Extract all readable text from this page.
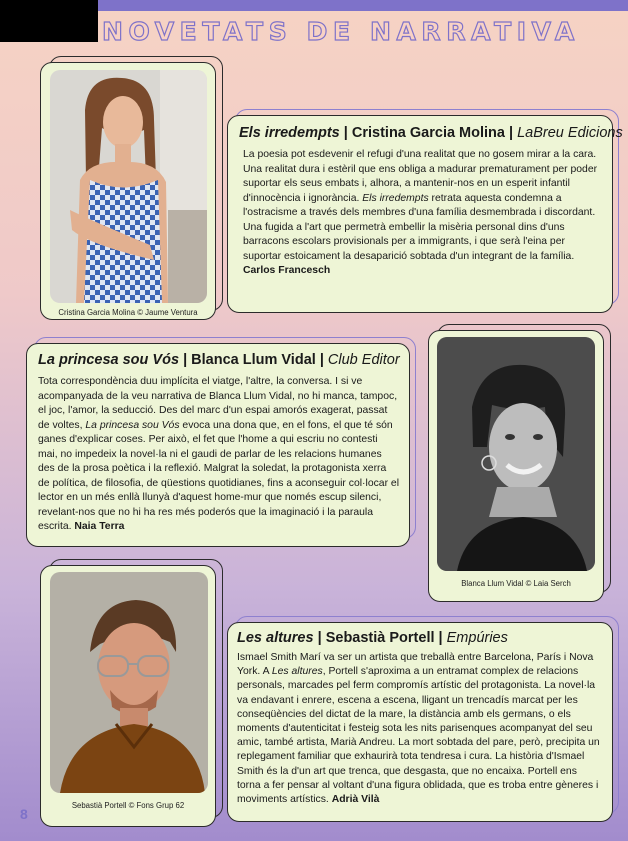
NOVETATS DE NARRATIVA
Cristina Garcia Molina © Jaume Ventura
Els irredempts | Cristina Garcia Molina | LaBreu Edicions

La poesia pot esdevenir el refugi d'una realitat que no gosem mirar a la cara. Una realitat dura i estèril que ens obliga a madurar prematurament per poder suportar els seus embats i, alhora, a mantenir-nos en un esperit infantil d'innocència i ignorància. Els irredempts retrata aquesta condemna a l'ostracisme a través dels membres d'una família desmembrada i discordant. Una fugida a l'art que permetrà embellir la misèria personal dins d'uns barracons escolars provisionals per a immigrants, i que serà l'eina per suportar estoicament la desaparició sobtada d'un integrant de la família.
Carlos Francesch

La princesa sou Vós | Blanca Llum Vidal | Club Editor

Tota correspondència duu implícita el viatge, l'altre, la conversa. I si ve acompanyada de la veu narrativa de Blanca Llum Vidal, no hi manca, tampoc, el joc, l'amor, la seducció. Des del marc d'un espai amorós exagerat, passat de voltes, La princesa sou Vós evoca una dona que, en el fons, el que té són ganes d'explicar coses. Per això, el fet que l'home a qui escriu no contesti mai, no impedeix la novel·la ni el gaudi de parlar de les relacions humanes des de la prosa poètica i la reflexió. Malgrat la soledat, la protagonista xerra de política, de filosofia, de qüestions quotidianes, fins a aconseguir col·locar el lector en un més enllà llunyà d'aquest home-mur que només escup silenci, revelant-nos que no hi ha res més poderós que la imaginació i la paraula escrita. Naia Terra

Blanca Llum Vidal © Laia Serch
Sebastià Portell © Fons Grup 62
Les altures | Sebastià Portell | Empúries

Ismael Smith Marí va ser un artista que treballà entre Barcelona, París i Nova York. A Les altures, Portell s'aproxima a un entramat complex de relacions personals, marcades pel ferm compromís artístic del protagonista. La novel·la va endavant i enrere, escena a escena, lligant un trencadís marcat per les conseqüències del dictat de la mare, la distància amb els germans, o els moments d'autenticitat i festeig sota les nits parisenques acompanyat del seu amic, també artista, Marià Andreu. La mort sobtada del pare, però, precipita un replegament familiar que exhaurirà tota tendresa i cura. La història d'Ismael Smith és la d'un art que trenca, que desgasta, que no encaixa. Portell ens torna a fer pensar al voltant d'una figura oblidada, que es troba entre gèneres i moviments artístics. Adrià Vilà

8
